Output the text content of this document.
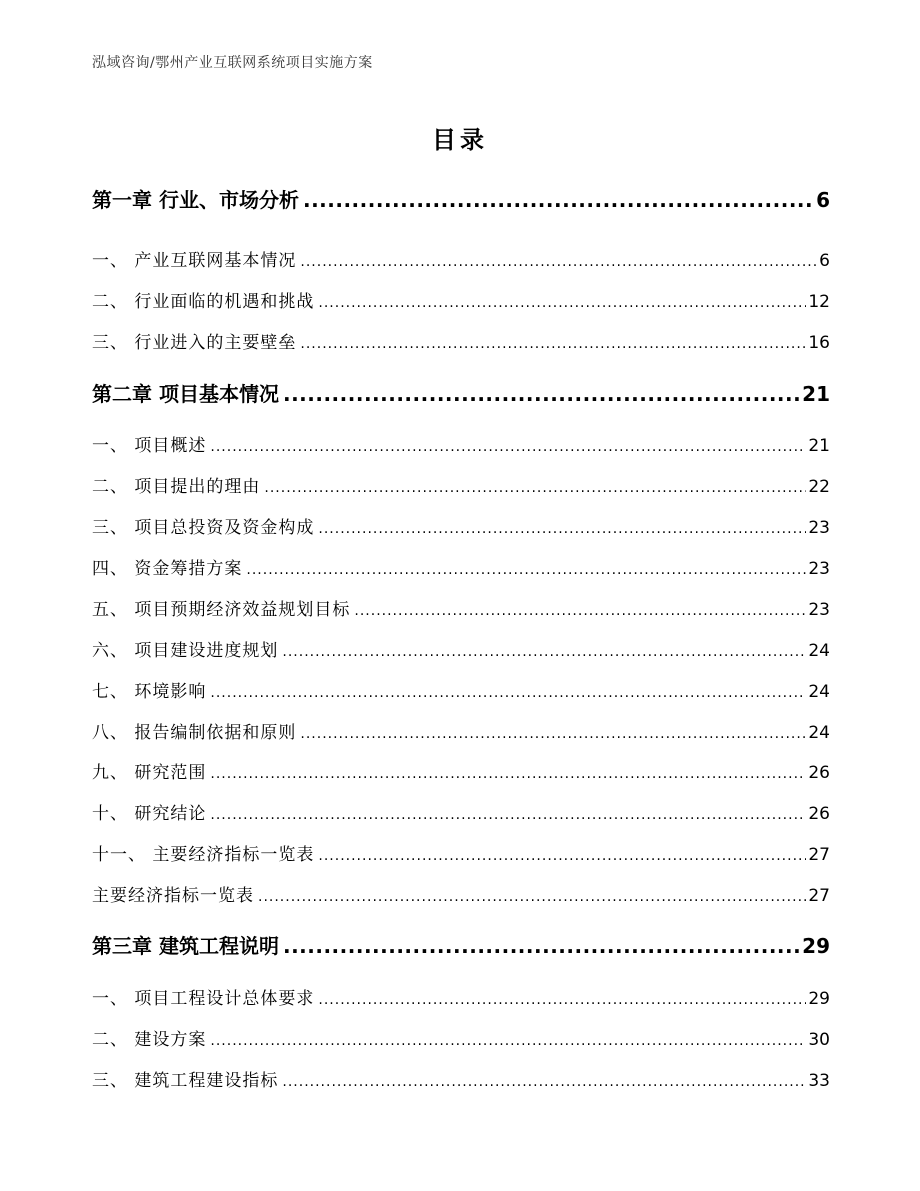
泓域咨询/鄂州产业互联网系统项目实施方案
目录
第一章 行业、市场分析 .....	6
一、 产业互联网基本情况 .....	6
二、 行业面临的机遇和挑战 .....	12
三、 行业进入的主要壁垒 .....	16
第二章 项目基本情况 .....	21
一、 项目概述 .....	21
二、 项目提出的理由 .....	22
三、 项目总投资及资金构成 .....	23
四、 资金筹措方案 .....	23
五、 项目预期经济效益规划目标 .....	23
六、 项目建设进度规划 .....	24
七、 环境影响 .....	24
八、 报告编制依据和原则 .....	24
九、 研究范围 .....	26
十、 研究结论 .....	26
十一、 主要经济指标一览表 .....	27
主要经济指标一览表 .....	27
第三章 建筑工程说明 .....	29
一、 项目工程设计总体要求 .....	29
二、 建设方案 .....	30
三、 建筑工程建设指标 .....	33
